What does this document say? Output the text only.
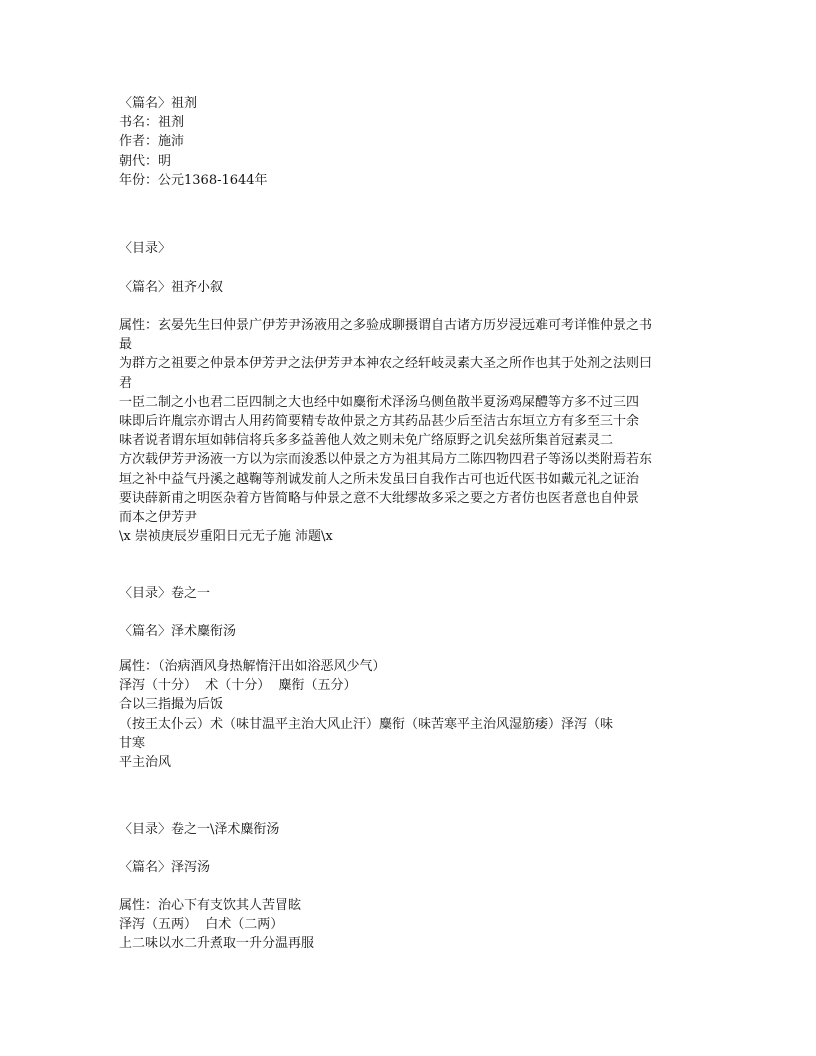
〈篇名〉祖剂
书名：祖剂
作者：施沛
朝代：明
年份：公元1368-1644年
〈目录〉
〈篇名〉祖齐小叙
属性：玄晏先生曰仲景广伊芳尹汤液用之多验成聊摄谓自古诸方历岁浸远难可考详惟仲景之书
最
为群方之祖要之仲景本伊芳尹之法伊芳尹本神农之经轩岐灵素大圣之所作也其于处剂之法则曰
君
一臣二制之小也君二臣四制之大也经中如麋衔术泽汤乌侧鱼散半夏汤鸡屎醴等方多不过三四
味即后许胤宗亦谓古人用药简要精专故仲景之方其药品甚少后至洁古东垣立方有多至三十余
味者说者谓东垣如韩信将兵多多益善他人效之则未免广络原野之讥矣兹所集首冠素灵二
方次载伊芳尹汤液一方以为宗而浚悉以仲景之方为祖其局方二陈四物四君子等汤以类附焉若东
垣之补中益气丹溪之越鞠等剂诚发前人之所未发虽曰自我作古可也近代医书如戴元礼之证治
要诀薛新甫之明医杂着方皆简略与仲景之意不大纰缪故多采之要之方者仿也医者意也自仲景
而本之伊芳尹
\x 崇祯庚辰岁重阳日元无子施 沛题\x
〈目录〉卷之一
〈篇名〉泽术麋衔汤
属性：（治病酒风身热解惰汗出如浴恶风少气）
泽泻（十分）  术（十分）  麋衔（五分）
合以三指撮为后饭
（按王太仆云）术（味甘温平主治大风止汗）麋衔（味苦寒平主治风湿筋痿）泽泻（味
甘寒
平主治风
〈目录〉卷之一\泽术麋衔汤
〈篇名〉泽泻汤
属性：治心下有支饮其人苦冒眩
泽泻（五两）  白术（二两）
上二味以水二升煮取一升分温再服
